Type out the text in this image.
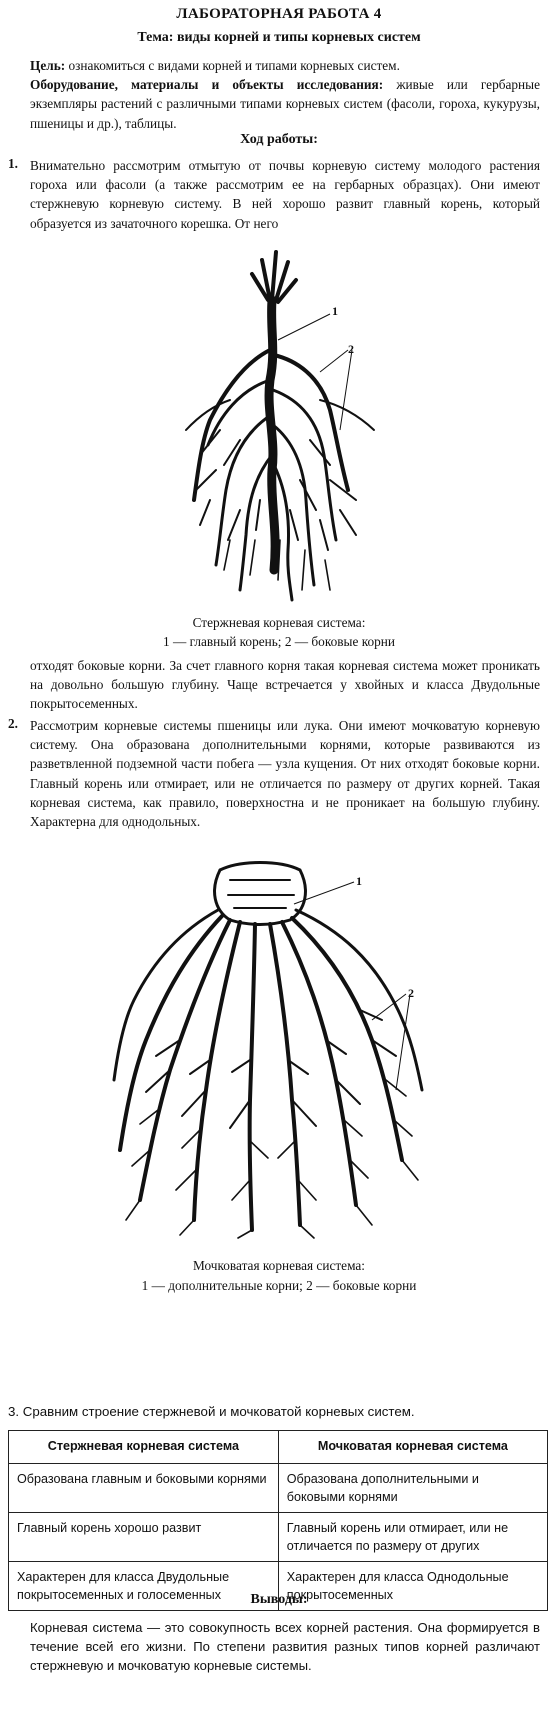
ЛАБОРАТОРНАЯ РАБОТА 4
Тема: виды корней и типы корневых систем
Цель: ознакомиться с видами корней и типами корневых систем.
Оборудование, материалы и объекты исследования: живые или гербарные экземпляры растений с различными типами корневых систем (фасоли, гороха, кукурузы, пшеницы и др.), таблицы.
Ход работы:
1. Внимательно рассмотрим отмытую от почвы корневую систему молодого растения гороха или фасоли (а также рассмотрим ее на гербарных образцах). Они имеют стержневую корневую систему. В ней хорошо развит главный корень, который образуется из зачаточного корешка. От него
1
2
Стержневая корневая система:
1 — главный корень; 2 — боковые корни
отходят боковые корни. За счет главного корня такая корневая система может проникать на довольно большую глубину. Чаще встречается у хвойных и класса Двудольные покрытосеменных.
2. Рассмотрим корневые системы пшеницы или лука. Они имеют мочковатую корневую систему. Она образована дополнительными корнями, которые развиваются из разветвленной подземной части побега — узла кущения. От них отходят боковые корни. Главный корень или отмирает, или не отличается по размеру от других корней. Такая корневая система, как правило, поверхностна и не проникает на большую глубину. Характерна для однодольных.
1
2
Мочковатая корневая система:
1 — дополнительные корни; 2 — боковые корни
3. Сравним строение стержневой и мочковатой корневых систем.
Стержневая корневая система	Мочковатая корневая система
Образована главным и боковыми корнями	Образована дополнительными и боковыми корнями
Главный корень хорошо развит	Главный корень или отмирает, или не отличается по размеру от других
Характерен для класса Двудольные покрытосеменных и голосеменных	Характерен для класса Однодольные покрытосеменных
Выводы:
Корневая система — это совокупность всех корней растения. Она формируется в течение всей его жизни. По степени развития разных типов корней различают стержневую и мочковатую корневые системы.
